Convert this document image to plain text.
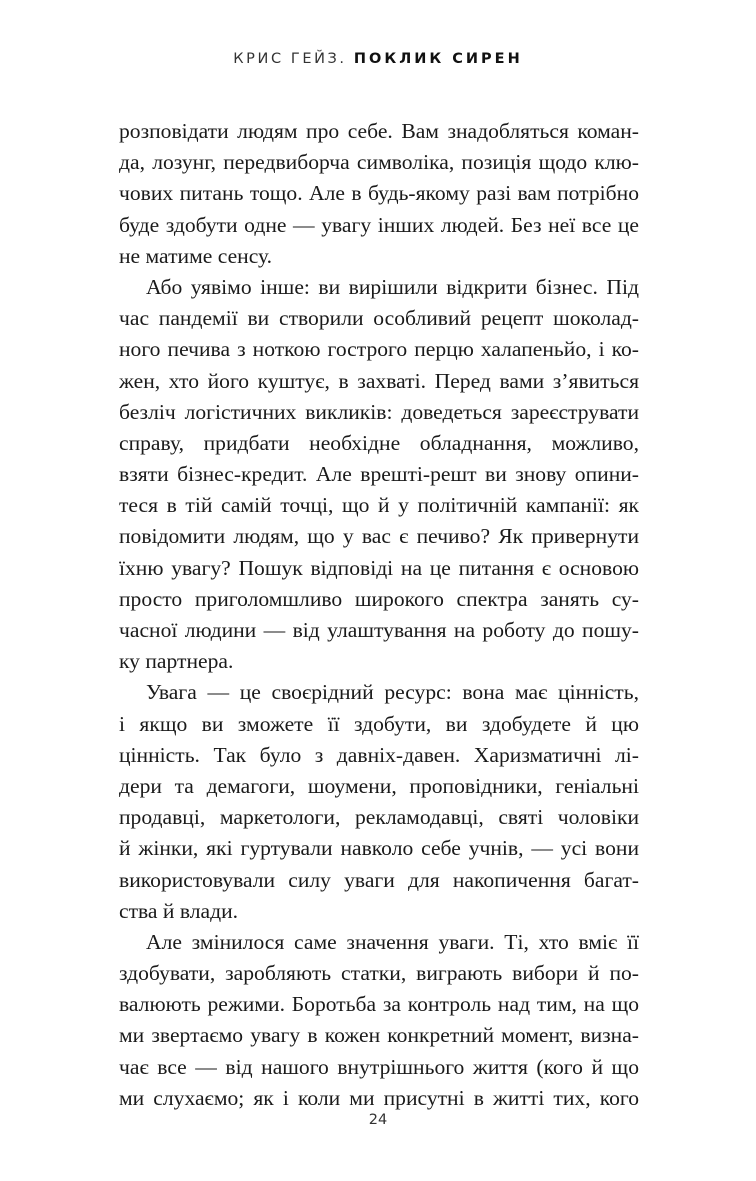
КРИС ГЕЙЗ. ПОКЛИК СИРЕН
розповідати людям про себе. Вам знадобляться коман-
да, лозунг, передвиборча символіка, позиція щодо клю-
чових питань тощо. Але в будь-якому разі вам потрібно
буде здобути одне — увагу інших людей. Без неї все це
не матиме сенсу.
Або уявімо інше: ви вирішили відкрити бізнес. Під
час пандемії ви створили особливий рецепт шоколад-
ного печива з ноткою гострого перцю халапеньйо, і ко-
жен, хто його куштує, в захваті. Перед вами з’явиться
безліч логістичних викликів: доведеться зареєструвати
справу, придбати необхідне обладнання, можливо,
взяти бізнес-кредит. Але врешті-решт ви знову опини-
теся в тій самій точці, що й у політичній кампанії: як
повідомити людям, що у вас є печиво? Як привернути
їхню увагу? Пошук відповіді на це питання є основою
просто приголомшливо широкого спектра занять су-
часної людини — від улаштування на роботу до пошу-
ку партнера.
Увага — це своєрідний ресурс: вона має цінність,
і якщо ви зможете її здобути, ви здобудете й цю
цінність. Так було з давніх-давен. Харизматичні лі-
дери та демагоги, шоумени, проповідники, геніальні
продавці, маркетологи, рекламодавці, святі чоловіки
й жінки, які гуртували навколо себе учнів, — усі вони
використовували силу уваги для накопичення багат-
ства й влади.
Але змінилося саме значення уваги. Ті, хто вміє її
здобувати, заробляють статки, виграють вибори й по-
валюють режими. Боротьба за контроль над тим, на що
ми звертаємо увагу в кожен конкретний момент, визна-
чає все — від нашого внутрішнього життя (кого й що
ми слухаємо; як і коли ми присутні в житті тих, кого
24
